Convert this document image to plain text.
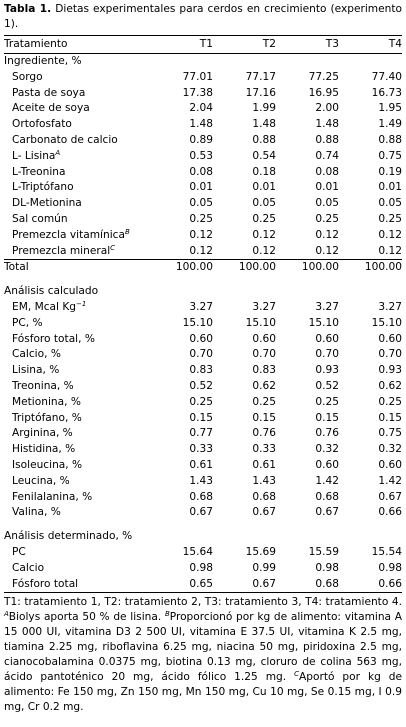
Tabla 1. Dietas experimentales para cerdos en crecimiento (experimento 1).
Tratamiento	T1	T2	T3	T4
Ingrediente, %				
Sorgo	77.01	77.17	77.25	77.40
Pasta de soya	17.38	17.16	16.95	16.73
Aceite de soya	2.04	1.99	2.00	1.95
Ortofosfato	1.48	1.48	1.48	1.49
Carbonato de calcio	0.89	0.88	0.88	0.88
L- Lisina$^A$	0.53	0.54	0.74	0.75
L-Treonina	0.08	0.18	0.08	0.19
L-Triptófano	0.01	0.01	0.01	0.01
DL-Metionina	0.05	0.05	0.05	0.05
Sal común	0.25	0.25	0.25	0.25
Premezcla vitamínica$^B$	0.12	0.12	0.12	0.12
Premezcla mineral$^C$	0.12	0.12	0.12	0.12
Total	100.00	100.00	100.00	100.00

Análisis calculado				
EM, Mcal $Kg^{-1}$	3.27	3.27	3.27	3.27
PC, %	15.10	15.10	15.10	15.10
Fósforo total, %	0.60	0.60	0.60	0.60
Calcio, %	0.70	0.70	0.70	0.70
Lisina, %	0.83	0.83	0.93	0.93
Treonina, %	0.52	0.62	0.52	0.62
Metionina, %	0.25	0.25	0.25	0.25
Triptófano, %	0.15	0.15	0.15	0.15
Arginina, %	0.77	0.76	0.76	0.75
Histidina, %	0.33	0.33	0.32	0.32
Isoleucina, %	0.61	0.61	0.60	0.60
Leucina, %	1.43	1.43	1.42	1.42
Fenilalanina, %	0.68	0.68	0.68	0.67
Valina, %	0.67	0.67	0.67	0.66

Análisis determinado, %				
PC	15.64	15.69	15.59	15.54
Calcio	0.98	0.99	0.98	0.98
Fósforo total	0.65	0.67	0.68	0.66
T1: tratamiento 1, T2: tratamiento 2, T3: tratamiento 3, T4: tratamiento 4. $^A$Biolys aporta 50 % de lisina. $^B$Proporcionó por kg de alimento: vitamina A 15 000 UI, vitamina D3 2 500 UI, vitamina E 37.5 UI, vitamina K 2.5 mg, tiamina 2.25 mg, riboflavina 6.25 mg, niacina 50 mg, piridoxina 2.5 mg, cianocobalamina 0.0375 mg, biotina 0.13 mg, cloruro de colina 563 mg, ácido pantoténico 20 mg, ácido fólico 1.25 mg. $^C$Aportó por kg de alimento: Fe 150 mg, Zn 150 mg, Mn 150 mg, Cu 10 mg, Se 0.15 mg, I 0.9 mg, Cr 0.2 mg.
